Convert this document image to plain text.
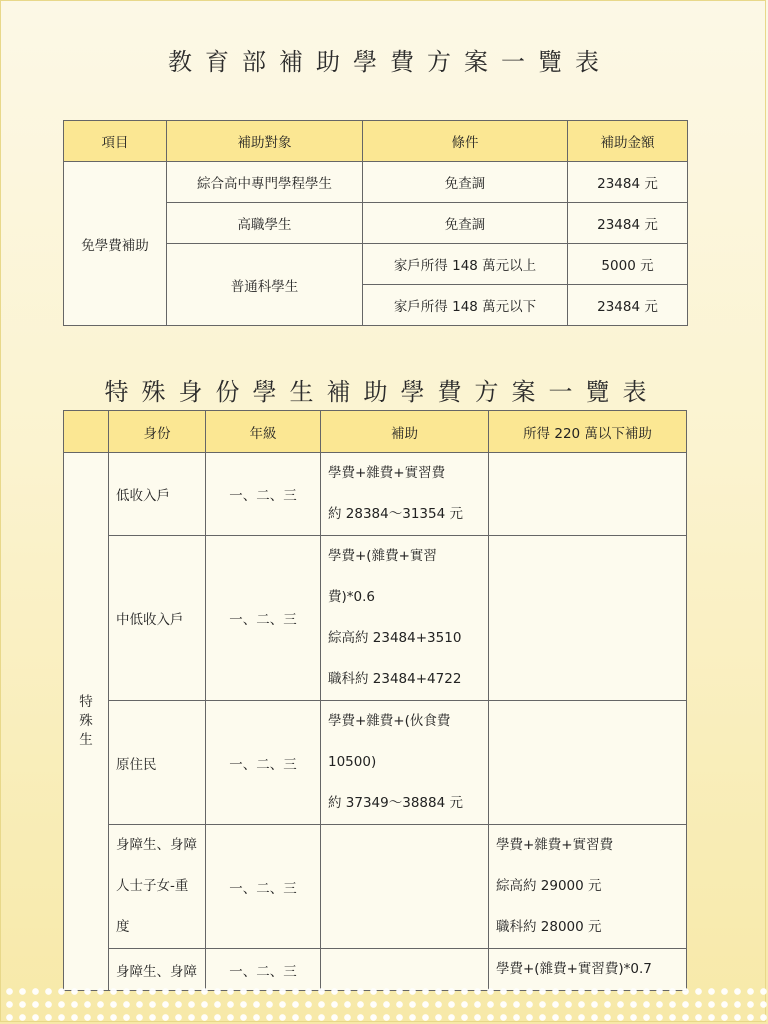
教育部補助學費方案一覽表
項目	補助對象	條件	補助金額
免學費補助	綜合高中專門學程學生	免查調	23484 元
	高職學生	免查調	23484 元
	普通科學生	家戶所得 148 萬元以上	5000 元
		家戶所得 148 萬元以下	23484 元
特殊身份學生補助學費方案一覽表
	身份	年級	補助	所得 220 萬以下補助

特殊生	低收入戶	一、二、三	學費+雜費+實習費
約 28384～31354 元	

	中低收入戶	一、二、三	學費+(雜費+實習
費)*0.6
綜高約 23484+3510
職科約 23484+4722	

	原住民	一、二、三	學費+雜費+(伙食費
10500)
約 37349～38884 元	

	身障生、身障
人士子女-重
度	一、二、三		學費+雜費+實習費
綜高約 29000 元
職科約 28000 元

	身障生、身障	一、二、三		學費+(雜費+實習費)*0.7
